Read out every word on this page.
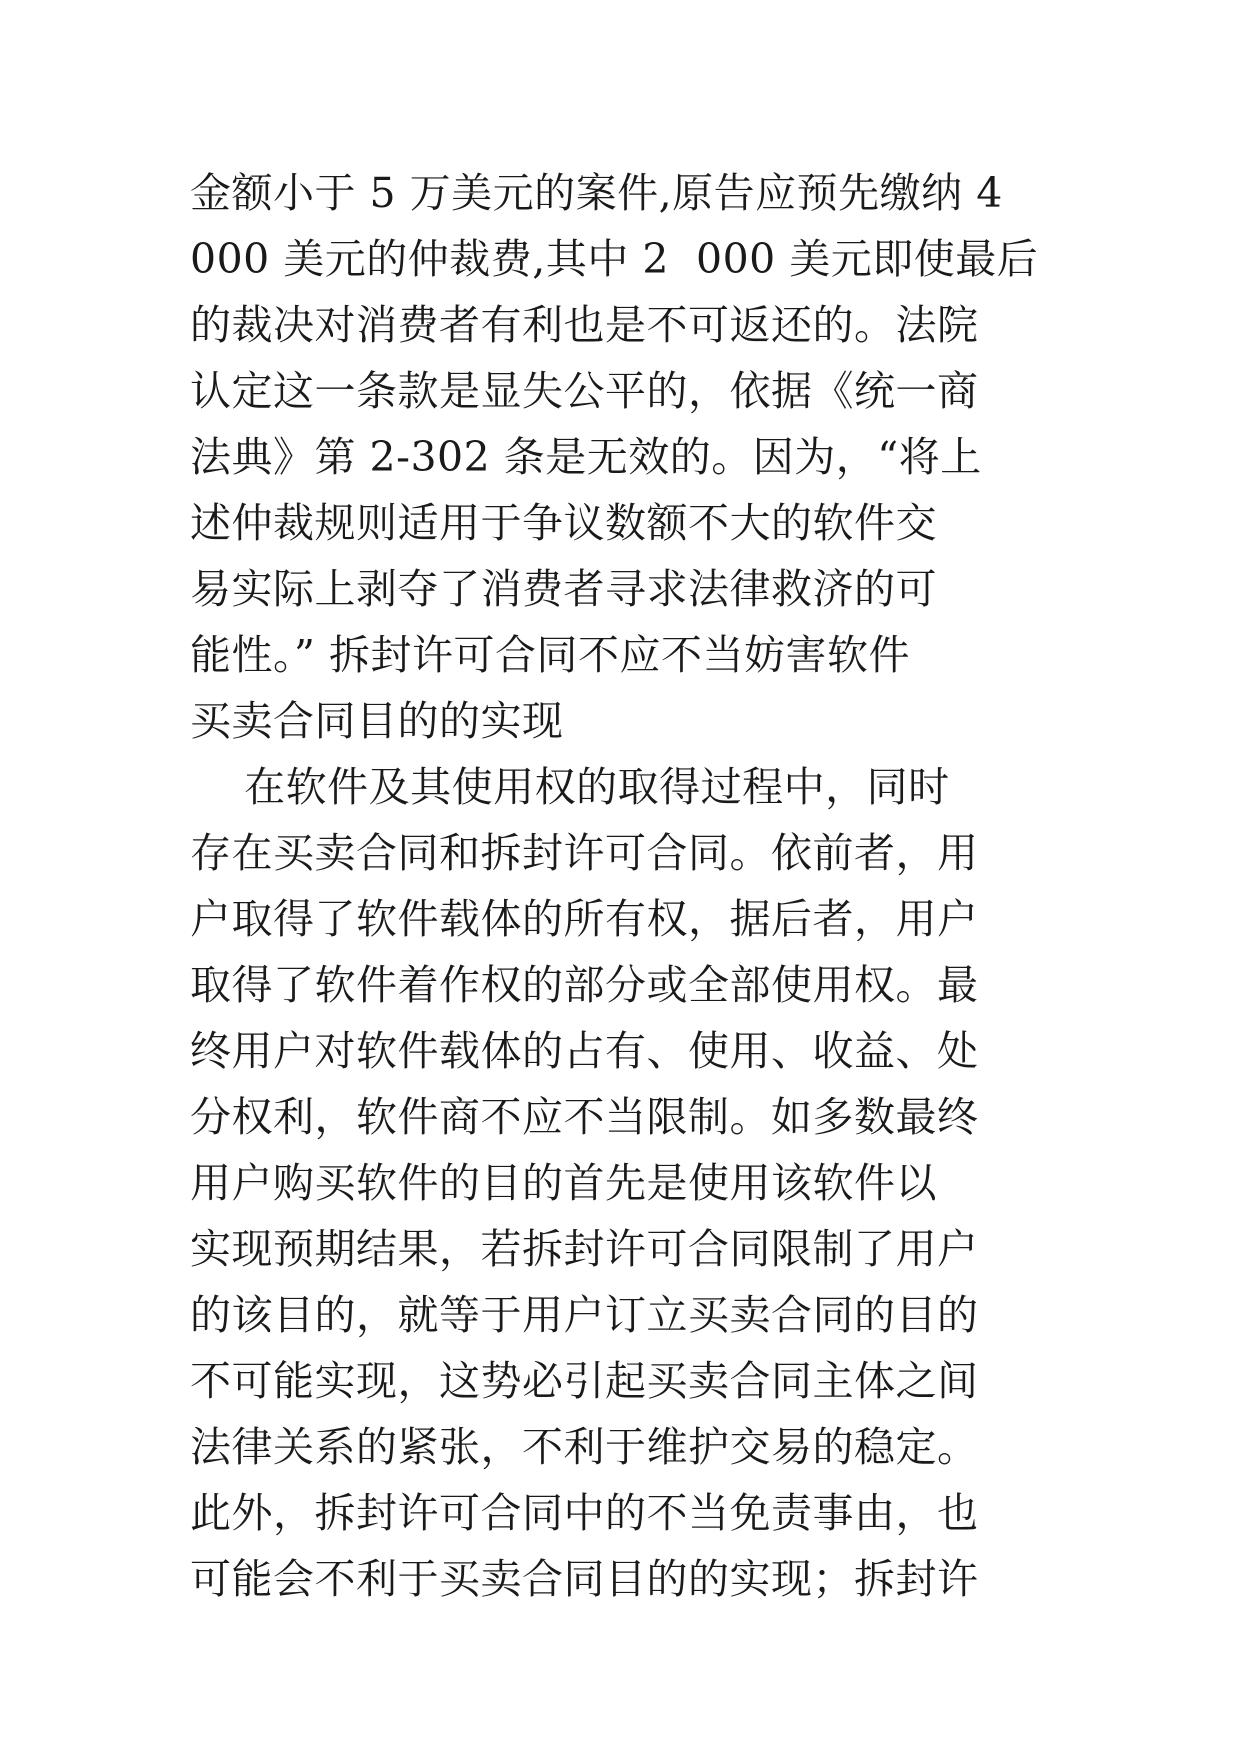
金额小于 5 万美元的案件,原告应预先缴纳 4
000 美元的仲裁费,其中 2  000 美元即使最后
的裁决对消费者有利也是不可返还的。法院
认定这一条款是显失公平的，依据《统一商
法典》第 2-302 条是无效的。因为，“将上
述仲裁规则适用于争议数额不大的软件交
易实际上剥夺了消费者寻求法律救济的可
能性。” 拆封许可合同不应不当妨害软件
买卖合同目的的实现
在软件及其使用权的取得过程中，同时
存在买卖合同和拆封许可合同。依前者，用
户取得了软件载体的所有权，据后者，用户
取得了软件着作权的部分或全部使用权。最
终用户对软件载体的占有、使用、收益、处
分权利，软件商不应不当限制。如多数最终
用户购买软件的目的首先是使用该软件以
实现预期结果，若拆封许可合同限制了用户
的该目的，就等于用户订立买卖合同的目的
不可能实现，这势必引起买卖合同主体之间
法律关系的紧张，不利于维护交易的稳定。
此外，拆封许可合同中的不当免责事由，也
可能会不利于买卖合同目的的实现；拆封许
